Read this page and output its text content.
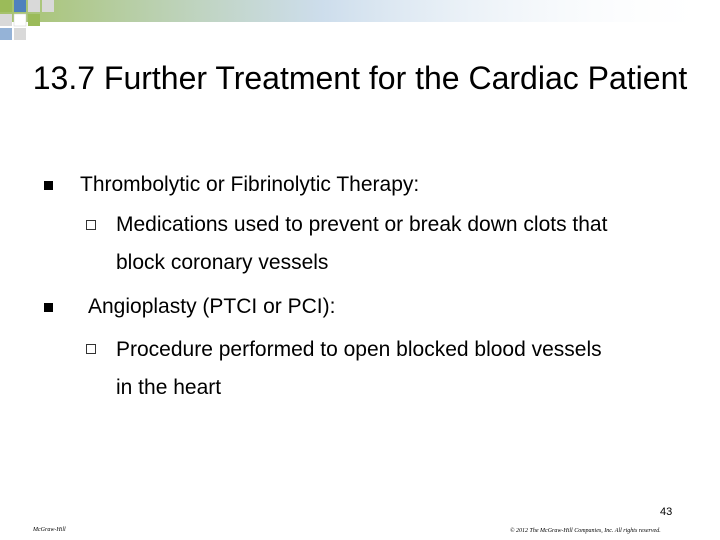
13.7 Further Treatment for the Cardiac Patient
Thrombolytic or Fibrinolytic Therapy:
Medications used to prevent or break down clots that
block coronary vessels
Angioplasty (PTCI or PCI):
Procedure performed to open blocked blood vessels
in the heart
43
McGraw-Hill	© 2012 The McGraw-Hill Companies, Inc. All rights reserved.
